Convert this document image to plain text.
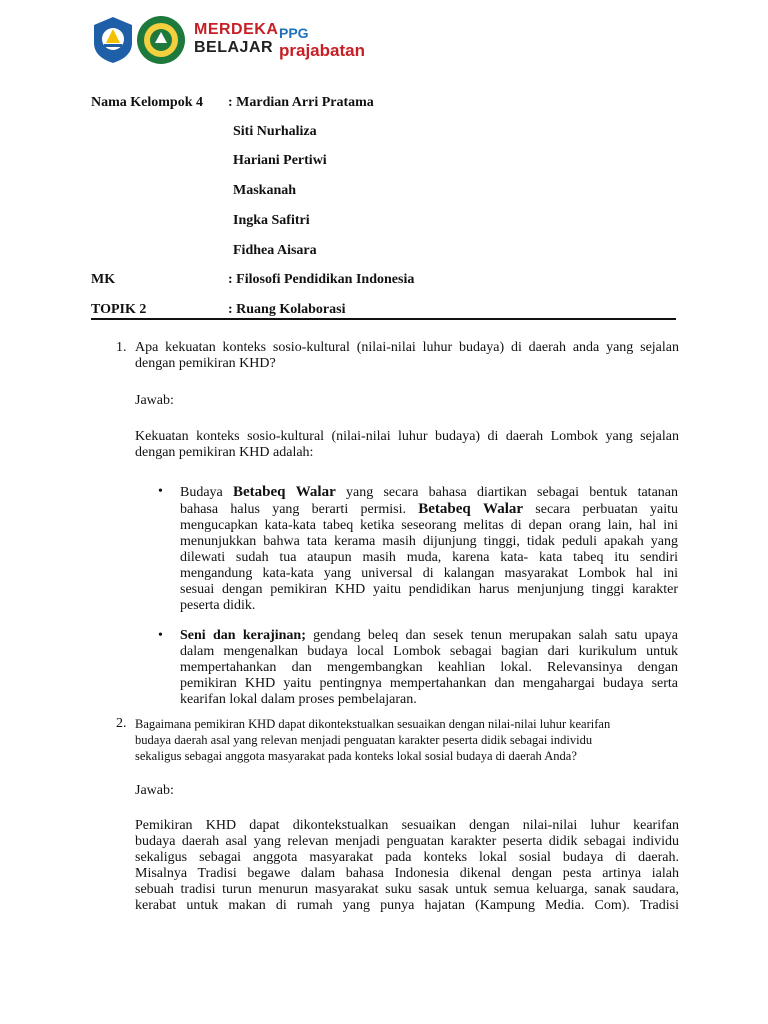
MERDEKA
BELAJAR
PPG
prajabatan
Nama Kelompok 4 : Mardian Arri Pratama
Siti Nurhaliza
Hariani Pertiwi
Maskanah
Ingka Safitri
Fidhea Aisara
MK	: Filosofi Pendidikan Indonesia
TOPIK 2	: Ruang Kolaborasi
1. Apa kekuatan konteks sosio-kultural (nilai-nilai luhur budaya) di daerah anda yang sejalan
dengan pemikiran KHD?
Jawab:
Kekuatan konteks sosio-kultural (nilai-nilai luhur budaya) di daerah Lombok yang sejalan
dengan pemikiran KHD adalah:
• Budaya Betabeq Walar yang secara bahasa diartikan sebagai bentuk tatanan
bahasa halus yang berarti permisi. Betabeq Walar secara perbuatan yaitu
mengucapkan kata-kata tabeq ketika seseorang melitas di depan orang lain, hal ini
menunjukkan bahwa tata kerama masih dijunjung tinggi, tidak peduli apakah yang
dilewati sudah tua ataupun masih muda, karena kata- kata tabeq itu sendiri
mengandung kata-kata yang universal di kalangan masyarakat Lombok hal ini
sesuai dengan pemikiran KHD yaitu pendidikan harus menjunjung tinggi karakter
peserta didik.
• Seni dan kerajinan; gendang beleq dan sesek tenun merupakan salah satu upaya
dalam mengenalkan budaya local Lombok sebagai bagian dari kurikulum untuk
mempertahankan dan mengembangkan keahlian lokal. Relevansinya dengan
pemikiran KHD yaitu pentingnya mempertahankan dan mengahargai budaya serta
kearifan lokal dalam proses pembelajaran.
2. Bagaimana pemikiran KHD dapat dikontekstualkan sesuaikan dengan nilai-nilai luhur kearifan
budaya daerah asal yang relevan menjadi penguatan karakter peserta didik sebagai individu
sekaligus sebagai anggota masyarakat pada konteks lokal sosial budaya di daerah Anda?
Jawab:
Pemikiran KHD dapat dikontekstualkan sesuaikan dengan nilai-nilai luhur kearifan
budaya daerah asal yang relevan menjadi penguatan karakter peserta didik sebagai individu
sekaligus sebagai anggota masyarakat pada konteks lokal sosial budaya di daerah.
Misalnya Tradisi begawe dalam bahasa Indonesia dikenal dengan pesta artinya ialah
sebuah tradisi turun menurun masyarakat suku sasak untuk semua keluarga, sanak saudara,
kerabat untuk makan di rumah yang punya hajatan (Kampung Media. Com). Tradisi
